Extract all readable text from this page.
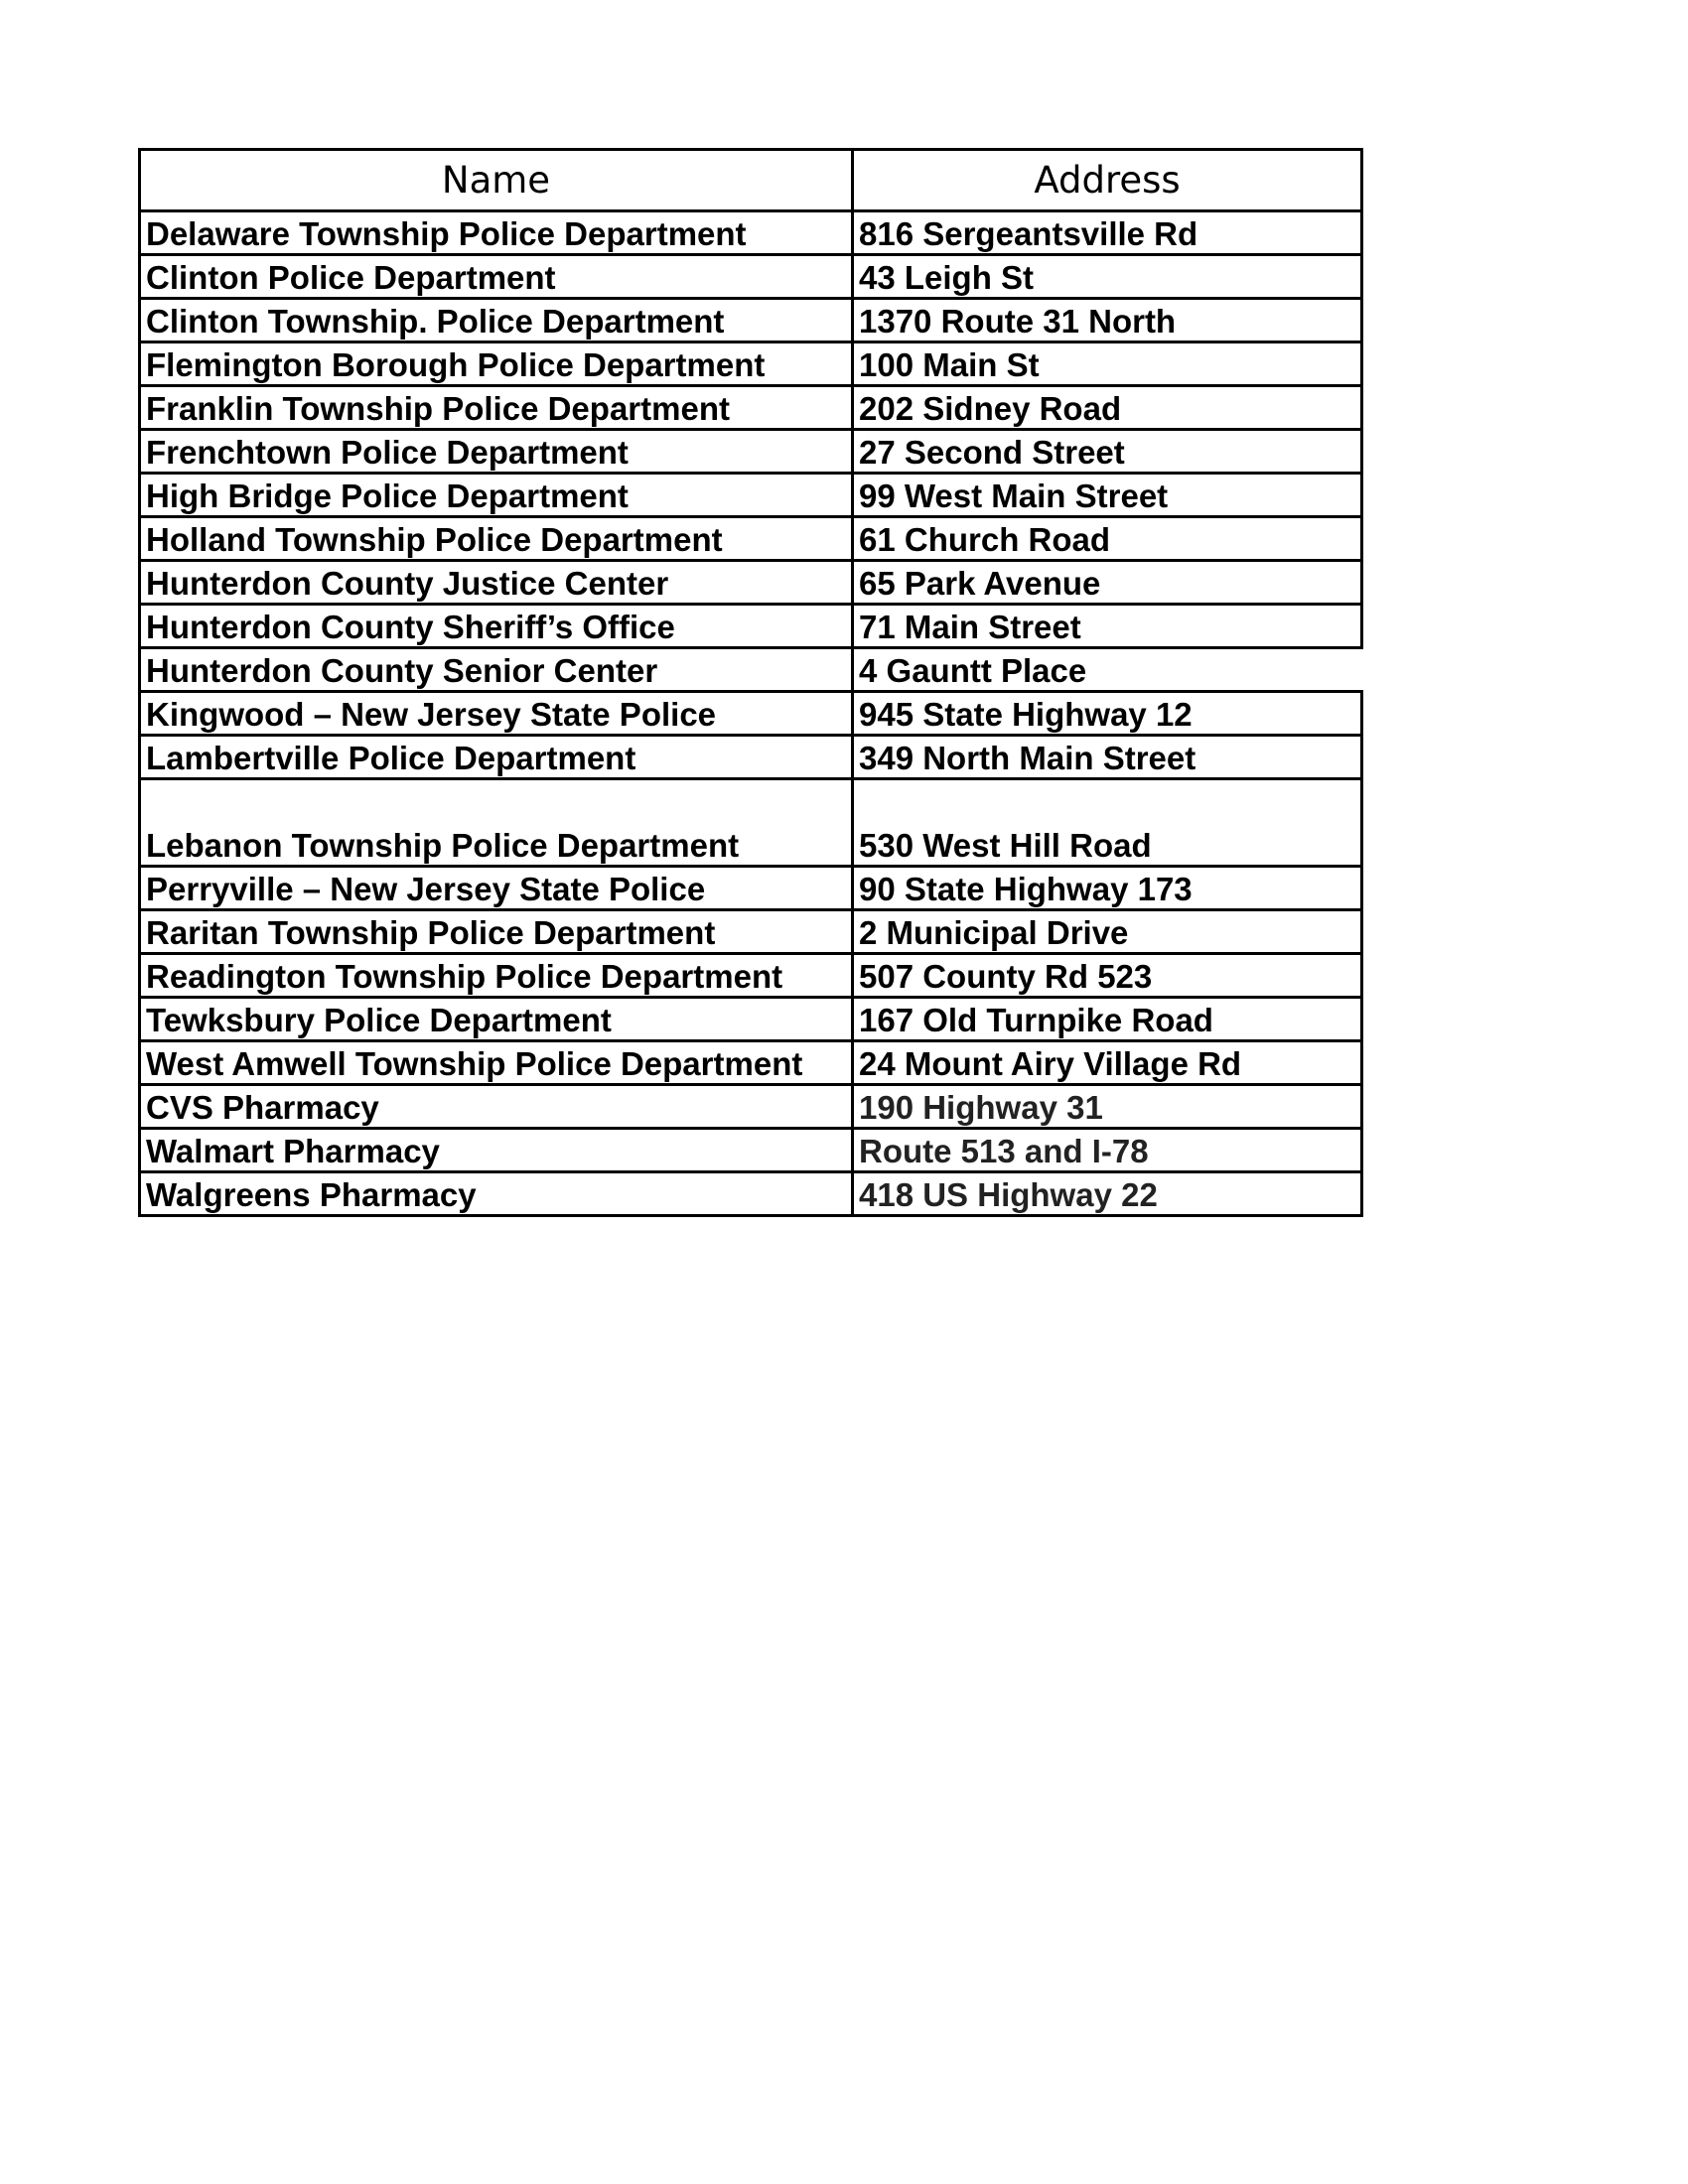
Name	Address
Delaware Township Police Department	816 Sergeantsville Rd
Clinton Police Department	43 Leigh St
Clinton Township. Police Department	1370 Route 31 North
Flemington Borough Police Department	100 Main St
Franklin Township Police Department	202 Sidney Road
Frenchtown Police Department	27 Second Street
High Bridge Police Department	99 West Main Street
Holland Township Police Department	61 Church Road
Hunterdon County Justice Center	65 Park Avenue
Hunterdon County Sheriff’s Office	71 Main Street
Hunterdon County Senior Center	4 Gauntt Place
Kingwood – New Jersey State Police	945 State Highway 12
Lambertville Police Department	349 North Main Street
Lebanon Township Police Department	530 West Hill Road
Perryville – New Jersey State Police	90 State Highway 173
Raritan Township Police Department	2 Municipal Drive
Readington Township Police Department	507 County Rd 523
Tewksbury Police Department	167 Old Turnpike Road
West Amwell Township Police Department	24 Mount Airy Village Rd
CVS Pharmacy	190 Highway 31
Walmart Pharmacy	Route 513 and I-78
Walgreens Pharmacy	418 US Highway 22
